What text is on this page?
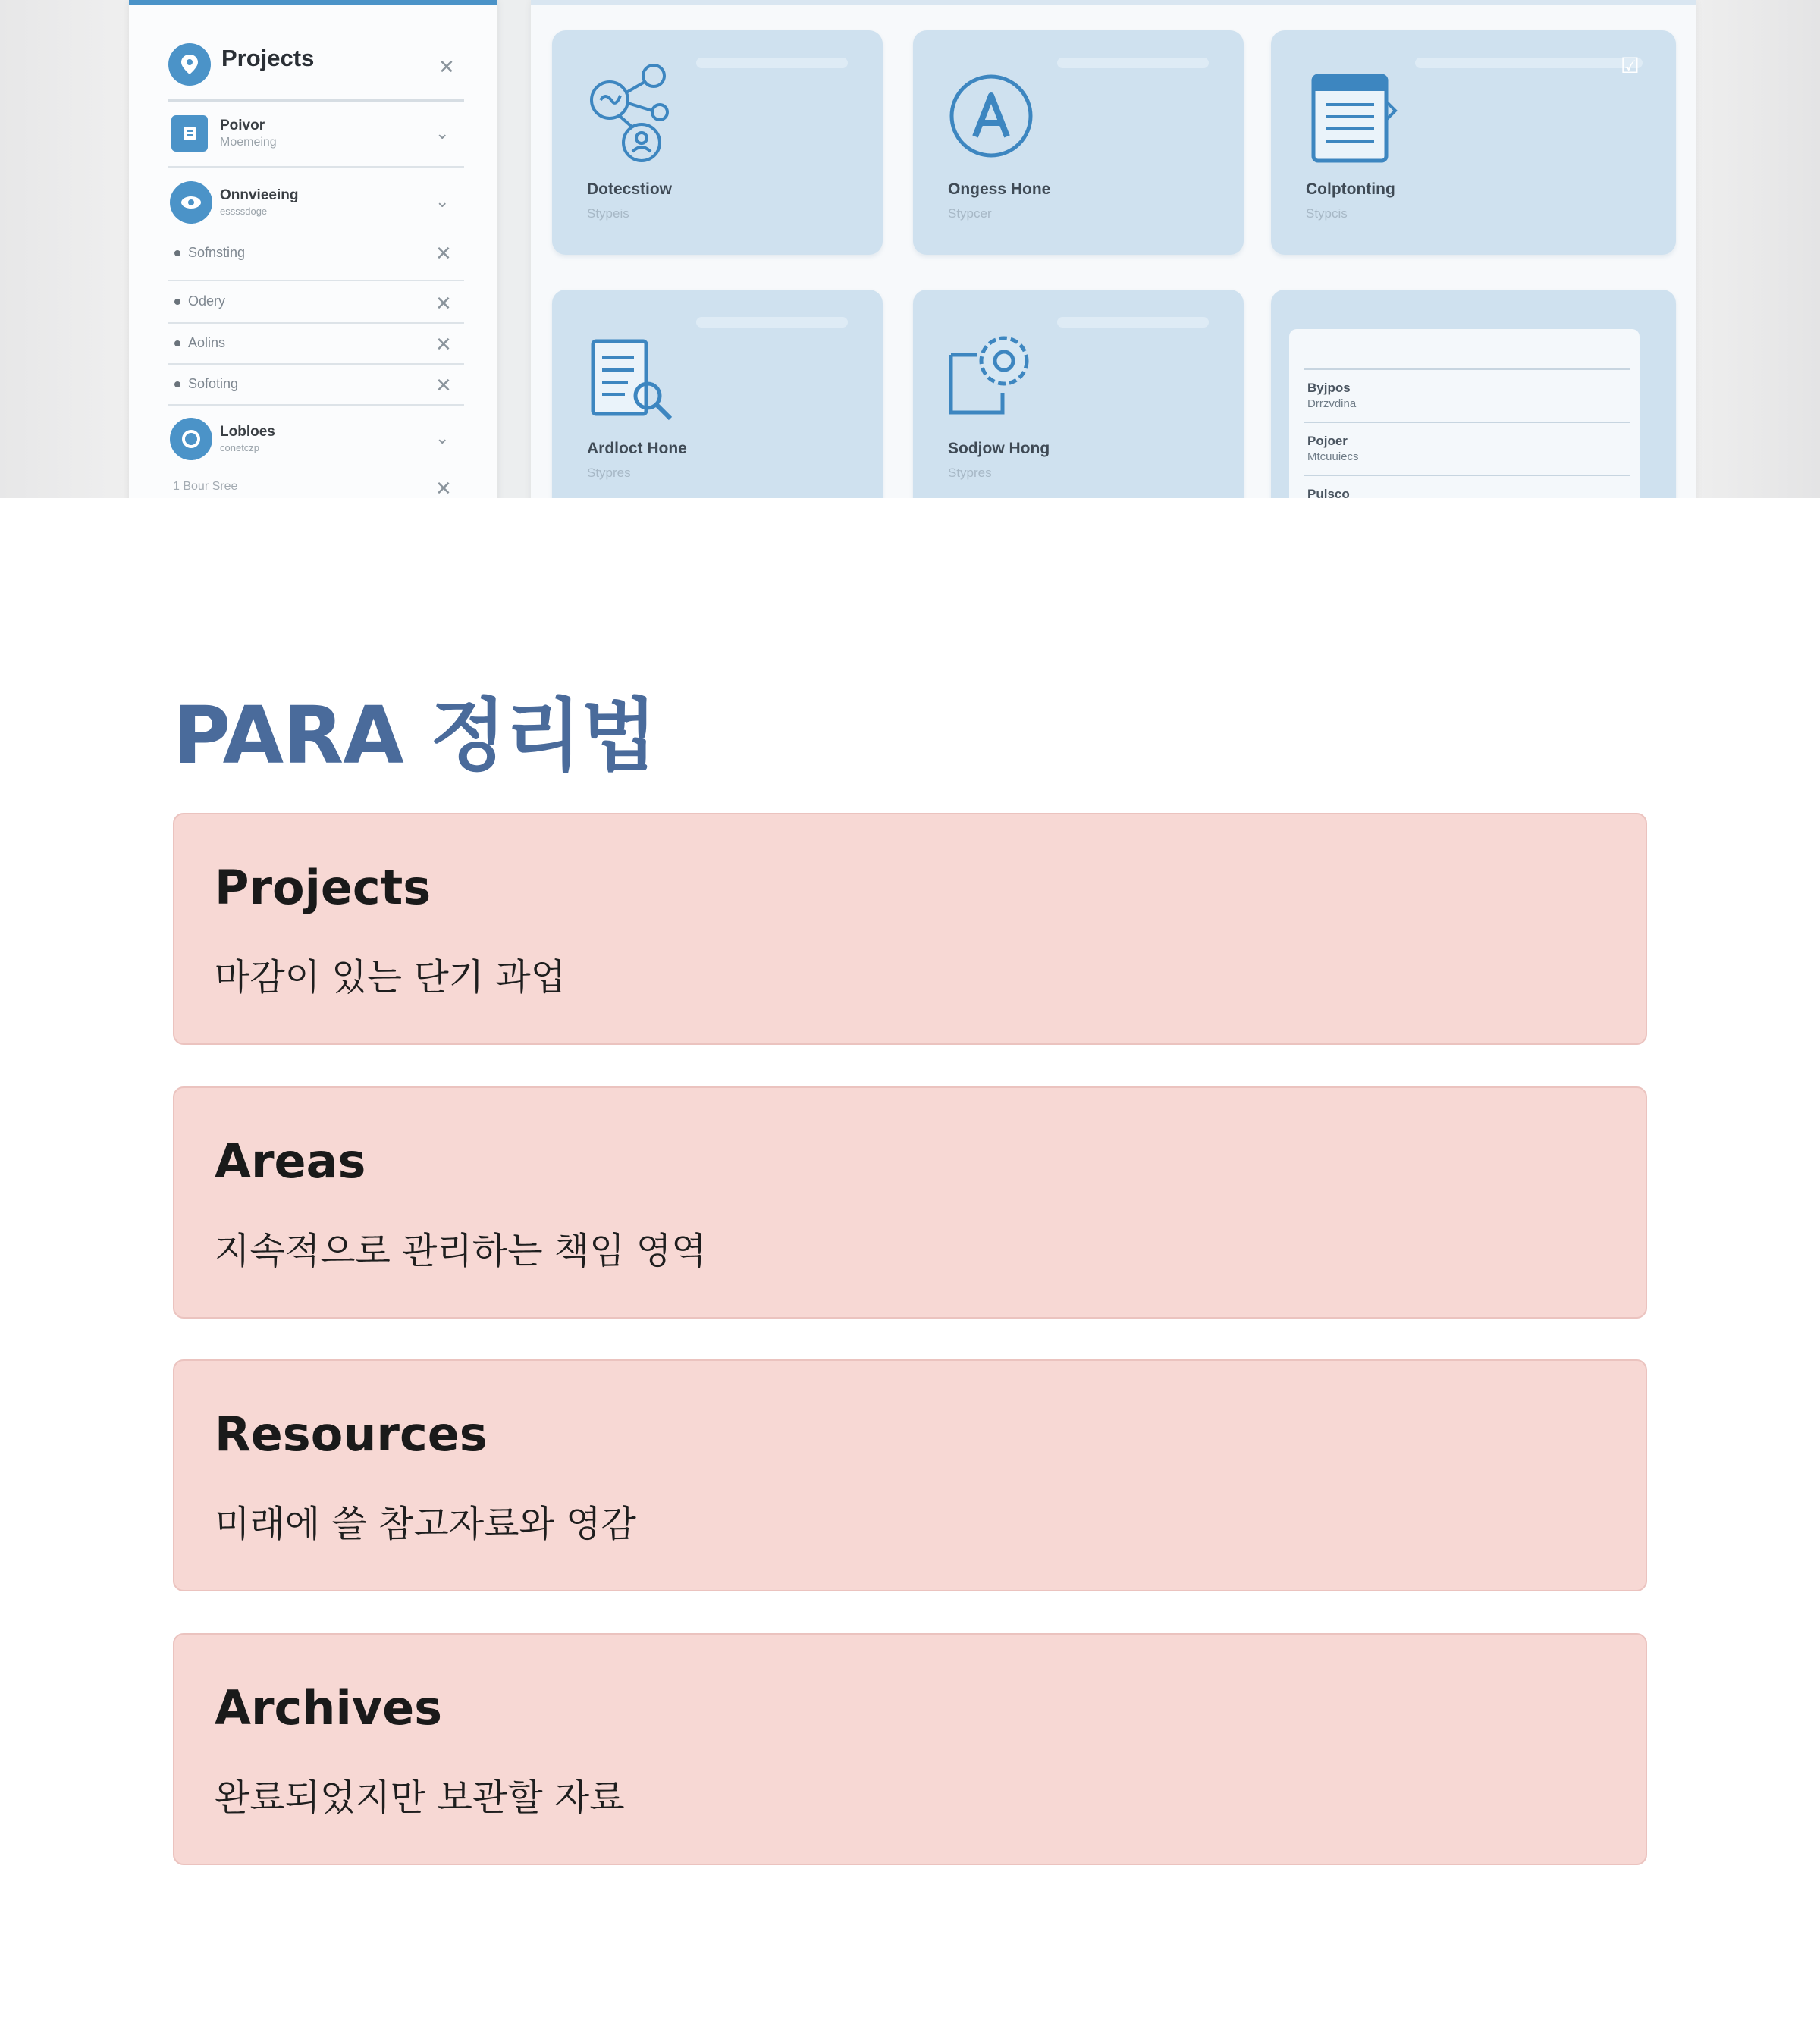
Projects	✕
Poivor
Moemeing	⌄
Onnvieeing
essssdoge
⌄
Sofnsting	✕
Odery	✕
Aolins	✕
Sofoting	✕
Lobloes
conetczp
⌄
1 Bour Sree	✕
Dotecstiow
Stypeis
Ongess Hone
Stypcer
☑
Colptonting
Stypcis
Ardloct Hone
Stypres
Sodjow Hong
Stypres
Byjpos
Drrzvdina
Pojoer
Mtcuuiecs
Pulsco
PARA 정리법
Projects
마감이 있는 단기 과업
Areas
지속적으로 관리하는 책임 영역
Resources
미래에 쓸 참고자료와 영감
Archives
완료되었지만 보관할 자료
